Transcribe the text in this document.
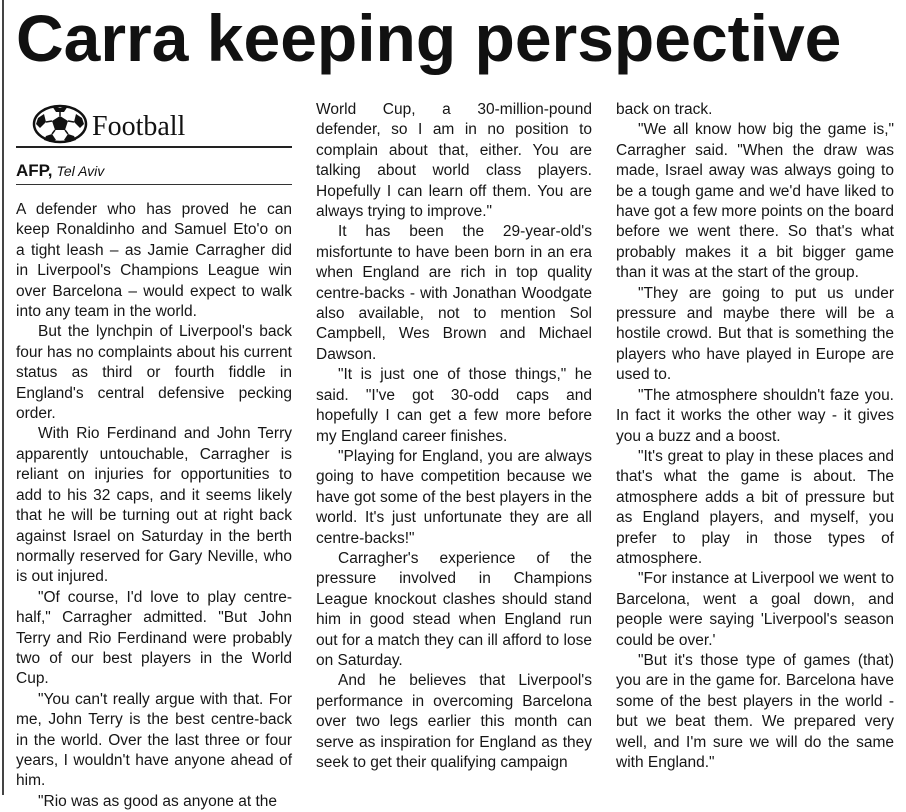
Carra keeping perspective
Football
AFP, Tel Aviv

A defender who has proved he can keep Ronaldinho and Samuel Eto'o on a tight leash – as Jamie Carragher did in Liverpool's Champions League win over Barcelona – would expect to walk into any team in the world.

But the lynchpin of Liverpool's back four has no complaints about his current status as third or fourth fiddle in England's central defensive pecking order.

With Rio Ferdinand and John Terry apparently untouchable, Carragher is reliant on injuries for opportunities to add to his 32 caps, and it seems likely that he will be turning out at right back against Israel on Saturday in the berth normally reserved for Gary Neville, who is out injured.

"Of course, I'd love to play centre-half," Carragher admitted. "But John Terry and Rio Ferdinand were probably two of our best players in the World Cup.

"You can't really argue with that. For me, John Terry is the best centre-back in the world. Over the last three or four years, I wouldn't have anyone ahead of him.

"Rio was as good as anyone at the

World Cup, a 30-million-pound defender, so I am in no position to complain about that, either. You are talking about world class players. Hopefully I can learn off them. You are always trying to improve."

It has been the 29-year-old's misfortunte to have been born in an era when England are rich in top quality centre-backs - with Jonathan Woodgate also available, not to mention Sol Campbell, Wes Brown and Michael Dawson.

"It is just one of those things," he said. "I've got 30-odd caps and hopefully I can get a few more before my England career finishes.

"Playing for England, you are always going to have competition because we have got some of the best players in the world. It's just unfortunate they are all centre-backs!"

Carragher's experience of the pressure involved in Champions League knockout clashes should stand him in good stead when England run out for a match they can ill afford to lose on Saturday.

And he believes that Liverpool's performance in overcoming Barcelona over two legs earlier this month can serve as inspiration for England as they seek to get their qualifying campaign

back on track.

"We all know how big the game is," Carragher said. "When the draw was made, Israel away was always going to be a tough game and we'd have liked to have got a few more points on the board before we went there. So that's what probably makes it a bit bigger game than it was at the start of the group.

"They are going to put us under pressure and maybe there will be a hostile crowd. But that is something the players who have played in Europe are used to.

"The atmosphere shouldn't faze you. In fact it works the other way - it gives you a buzz and a boost.

"It's great to play in these places and that's what the game is about. The atmosphere adds a bit of pressure but as England players, and myself, you prefer to play in those types of atmosphere.

"For instance at Liverpool we went to Barcelona, went a goal down, and people were saying 'Liverpool's season could be over.'

"But it's those type of games (that) you are in the game for. Barcelona have some of the best players in the world - but we beat them. We prepared very well, and I'm sure we will do the same with England."
